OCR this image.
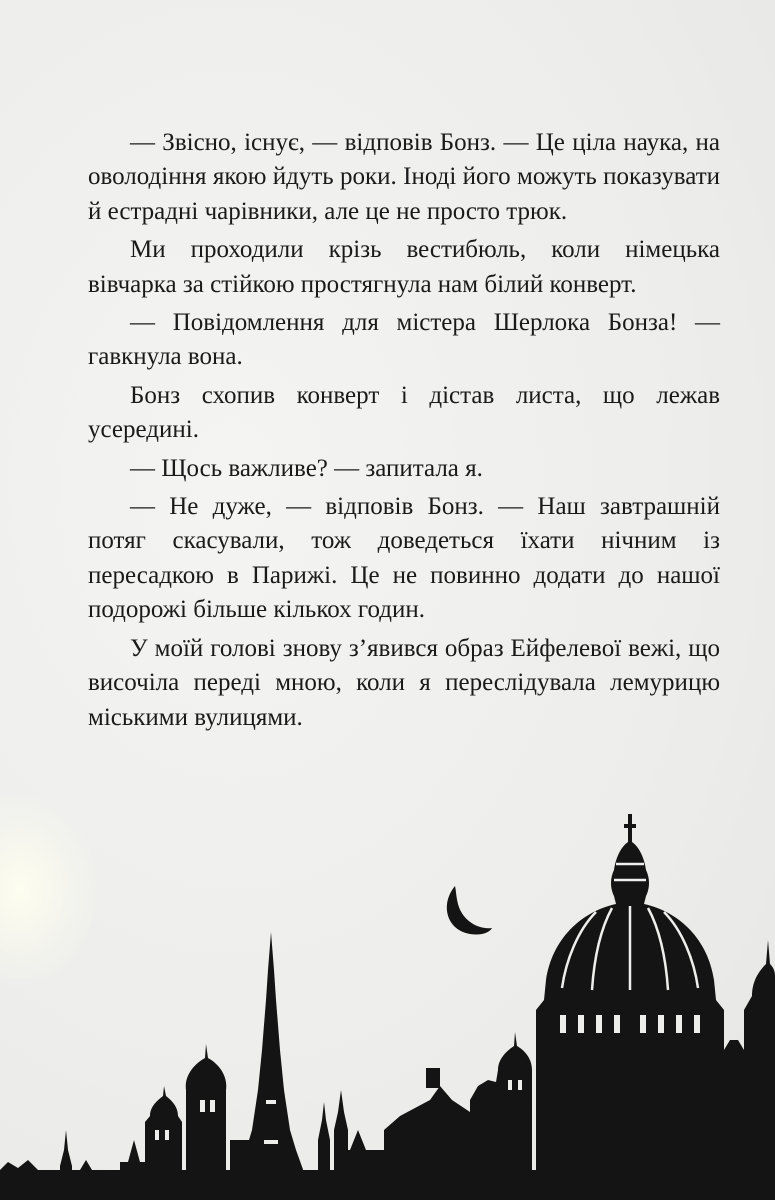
— Звісно, існує, — відповів Бонз. — Це ціла наука, на оволодіння якою йдуть роки. Іноді його можуть показувати й естрадні чарівники, але це не просто трюк.

Ми проходили крізь вестибюль, коли німецька вівчарка за стійкою простягнула нам білий конверт.

— Повідомлення для містера Шерлока Бонза! — гавкнула вона.

Бонз схопив конверт і дістав листа, що лежав усередині.

— Щось важливе? — запитала я.

— Не дуже, — відповів Бонз. — Наш завтрашній потяг скасували, тож доведеться їхати нічним із пересадкою в Парижі. Це не повинно додати до нашої подорожі більше кількох годин.

У моїй голові знову з’явився образ Ейфелевої вежі, що височіла переді мною, коли я переслідувала лемурицю міськими вулицями.
